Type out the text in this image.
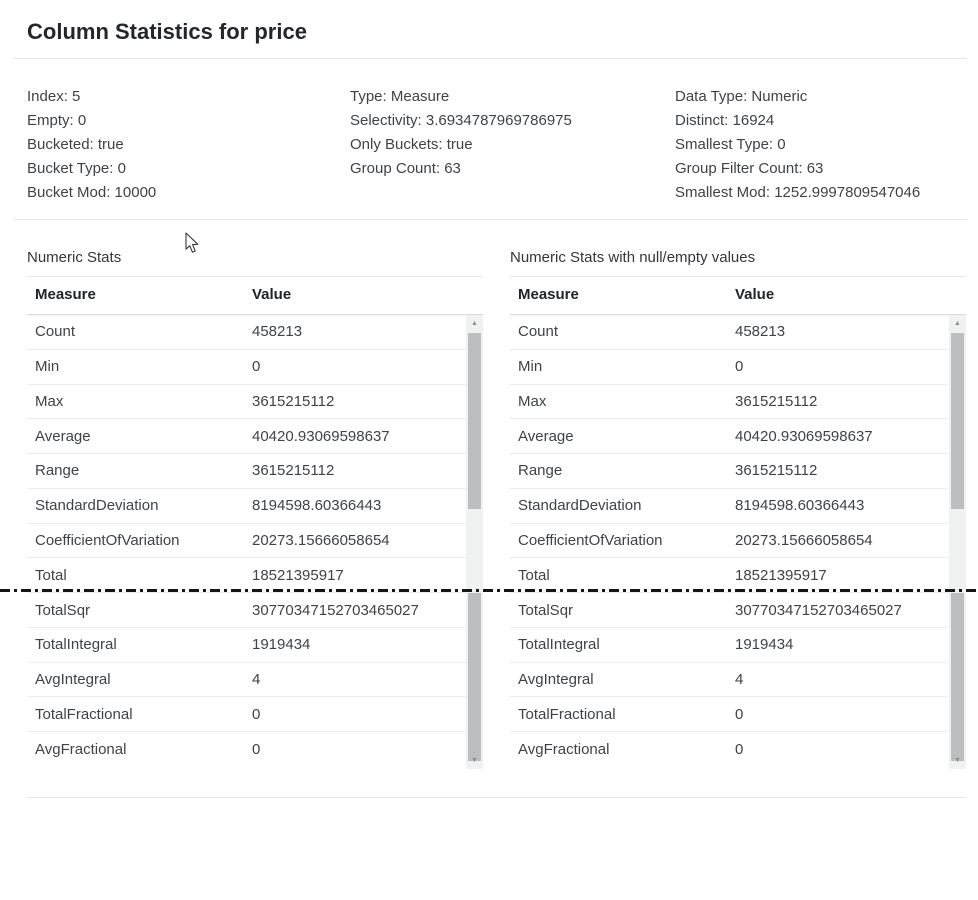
Column Statistics for price
Index: 5
Empty: 0
Bucketed: true
Bucket Type: 0
Bucket Mod: 10000
Type: Measure
Selectivity: 3.6934787969786975
Only Buckets: true
Group Count: 63
Data Type: Numeric
Distinct: 16924
Smallest Type: 0
Group Filter Count: 63
Smallest Mod: 1252.9997809547046
Numeric Stats
Measure	Value
Count	458213
Min	0
Max	3615215112
Average	40420.93069598637
Range	3615215112
StandardDeviation	8194598.60366443
CoefficientOfVariation	20273.15666058654
Total	18521395917
TotalSqr	30770347152703465027
TotalIntegral	1919434
AvgIntegral	4
TotalFractional	0
AvgFractional	0
▲
▼
Numeric Stats with null/empty values
Measure	Value
Count	458213
Min	0
Max	3615215112
Average	40420.93069598637
Range	3615215112
StandardDeviation	8194598.60366443
CoefficientOfVariation	20273.15666058654
Total	18521395917
TotalSqr	30770347152703465027
TotalIntegral	1919434
AvgIntegral	4
TotalFractional	0
AvgFractional	0
▲
▼
